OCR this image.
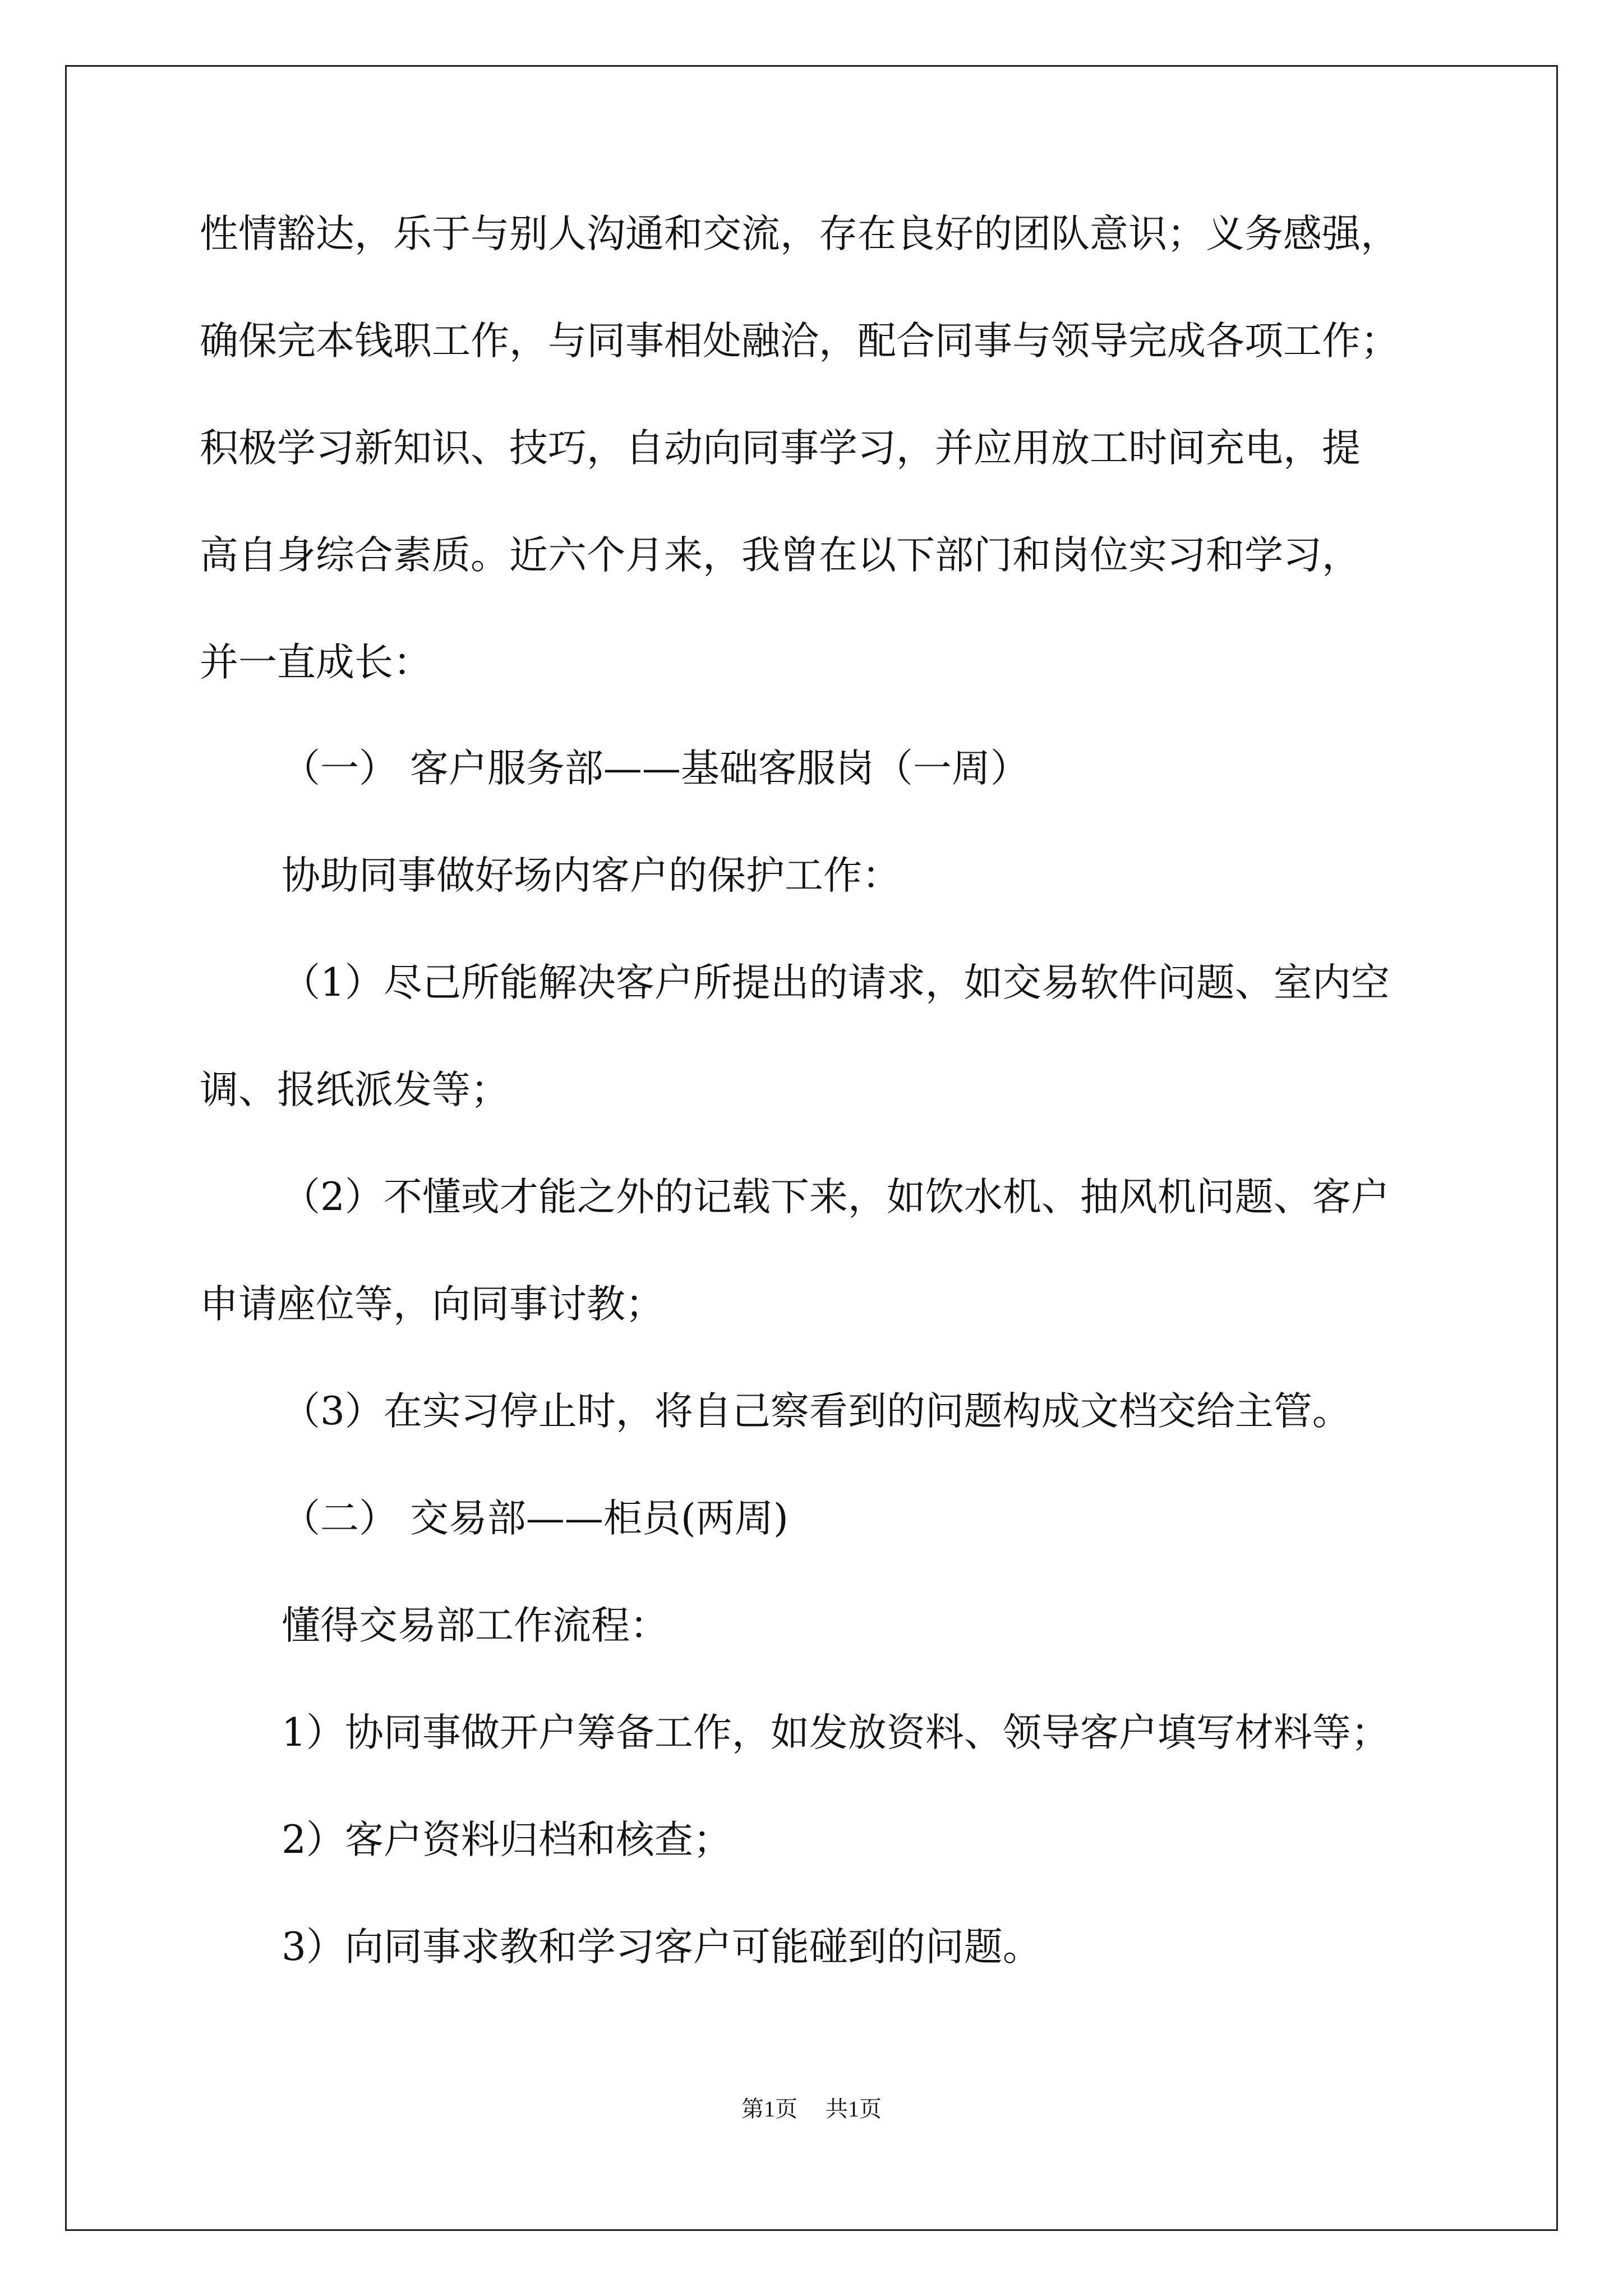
性情豁达，乐于与别人沟通和交流，存在良好的团队意识；义务感强，
确保完本钱职工作，与同事相处融洽，配合同事与领导完成各项工作；
积极学习新知识、技巧，自动向同事学习，并应用放工时间充电，提
高自身综合素质。近六个月来，我曾在以下部门和岗位实习和学习，
并一直成长：
（一） 客户服务部——基础客服岗（一周）
协助同事做好场内客户的保护工作：
（1）尽己所能解决客户所提出的请求，如交易软件问题、室内空
调、报纸派发等；
（2）不懂或才能之外的记载下来，如饮水机、抽风机问题、客户
申请座位等，向同事讨教；
（3）在实习停止时，将自己察看到的问题构成文档交给主管。
（二） 交易部——柜员(两周)
懂得交易部工作流程：
1）协同事做开户筹备工作，如发放资料、领导客户填写材料等；
2）客户资料归档和核查；
3）向同事求教和学习客户可能碰到的问题。
第1页 共1页
